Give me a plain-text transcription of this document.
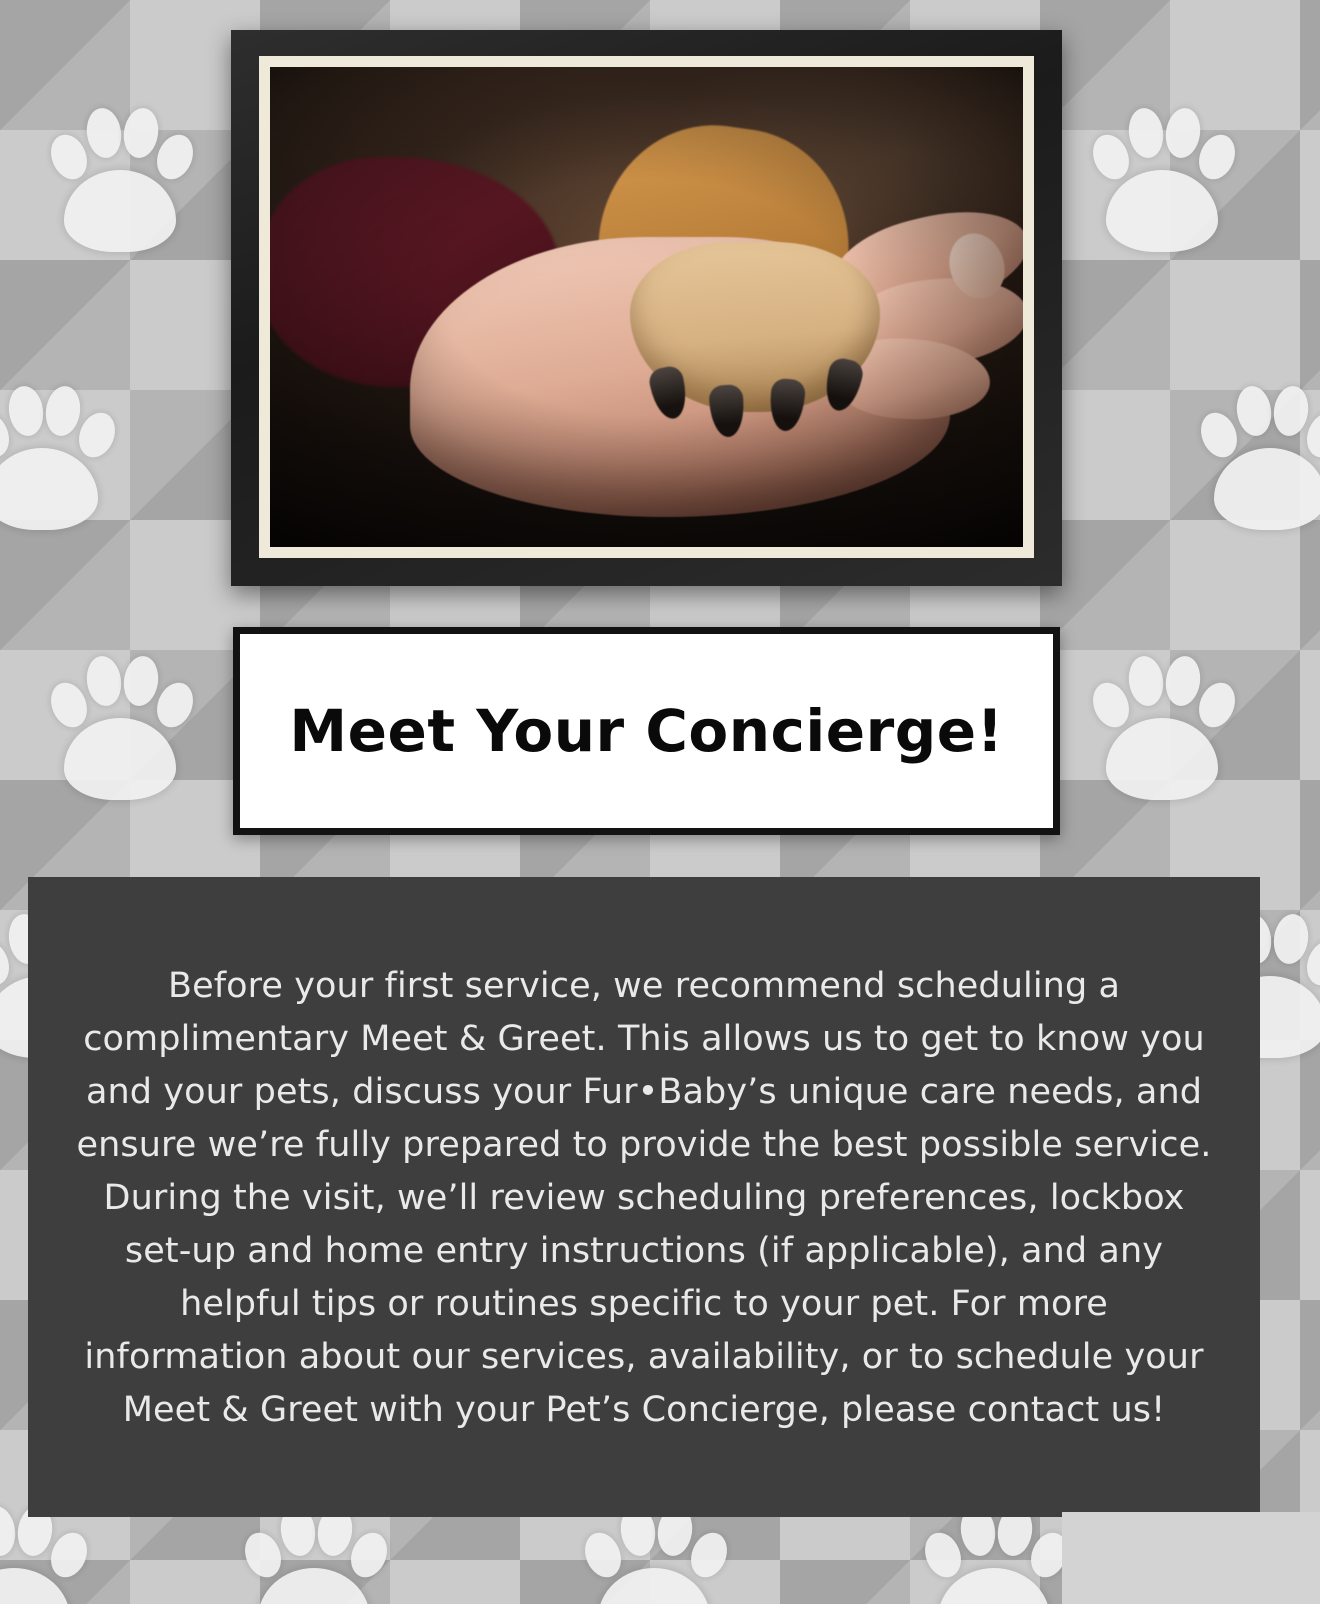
Meet Your Concierge!

Before your first service, we recommend scheduling a complimentary Meet & Greet. This allows us to get to know you and your pets, discuss your Fur•Baby’s unique care needs, and ensure we’re fully prepared to provide the best possible service. During the visit, we’ll review scheduling preferences, lockbox set-up and home entry instructions (if applicable), and any helpful tips or routines specific to your pet. For more information about our services, availability, or to schedule your Meet & Greet with your Pet’s Concierge, please contact us!
